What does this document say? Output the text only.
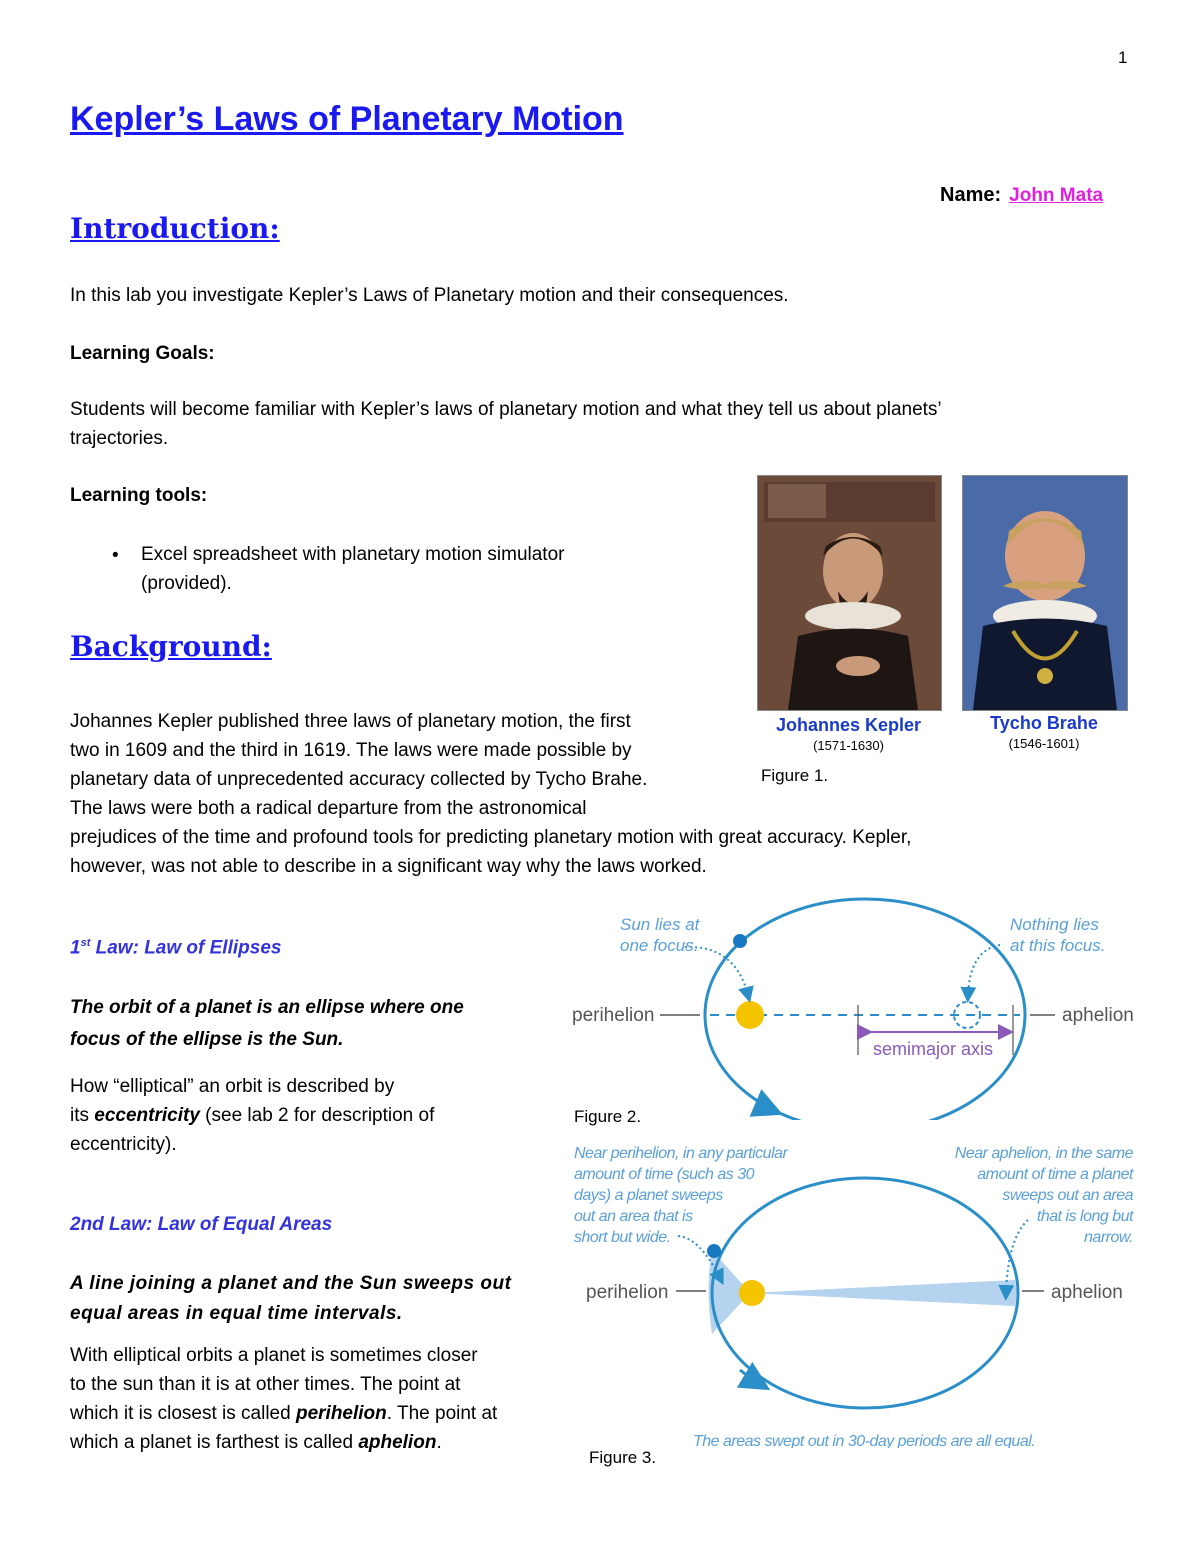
1
Kepler’s Laws of Planetary Motion
Name: John Mata
Introduction:
In this lab you investigate Kepler’s Laws of Planetary motion and their consequences.
Learning Goals:
Students will become familiar with Kepler’s laws of planetary motion and what they tell us about planets’
trajectories.
Learning tools:
• Excel spreadsheet with planetary motion simulator
(provided).
Background:
Johannes Kepler published three laws of planetary motion, the first
two in 1609 and the third in 1619. The laws were made possible by
planetary data of unprecedented accuracy collected by Tycho Brahe.
The laws were both a radical departure from the astronomical
prejudices of the time and profound tools for predicting planetary motion with great accuracy. Kepler,
however, was not able to describe in a significant way why the laws worked.
Johannes Kepler
(1571-1630)
Tycho Brahe
(1546-1601)
Figure 1.
1st Law: Law of Ellipses
The orbit of a planet is an ellipse where one
focus of the ellipse is the Sun.
How “elliptical” an orbit is described by
its eccentricity (see lab 2 for description of
eccentricity).
2nd Law: Law of Equal Areas
A line joining a planet and the Sun sweeps out
equal areas in equal time intervals.
With elliptical orbits a planet is sometimes closer
to the sun than it is at other times. The point at
which it is closest is called perihelion. The point at
which a planet is farthest is called aphelion.
Sun lies at
one focus.
Nothing lies
at this focus.
perihelion	aphelion
semimajor axis
Figure 2.
Near perihelion, in any particular
amount of time (such as 30
days) a planet sweeps
out an area that is
short but wide.
Near aphelion, in the same
amount of time a planet
sweeps out an area
that is long but
narrow.
perihelion	aphelion
The areas swept out in 30-day periods are all equal.
Figure 3.
